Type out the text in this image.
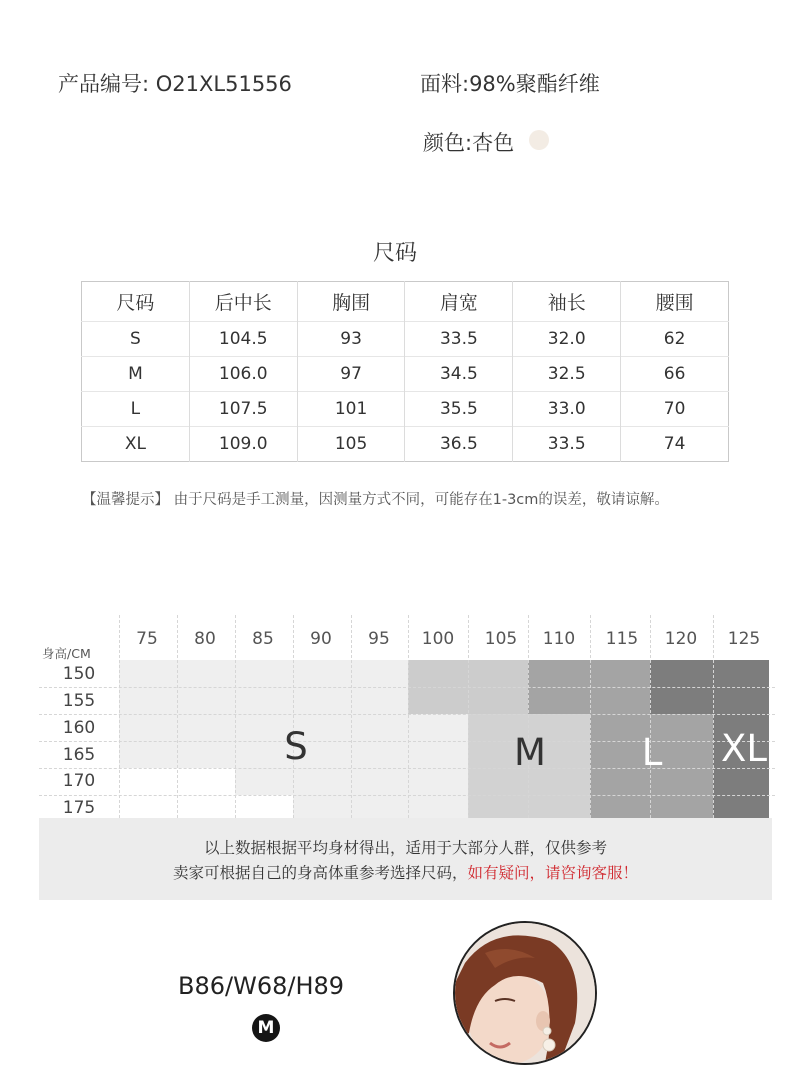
产品编号: O21XL51556	面料:98%聚酯纤维
颜色:杏色
尺码
尺码	后中长	胸围	肩宽	袖长	腰围
S	104.5	93	33.5	32.0	62
M	106.0	97	34.5	32.5	66
L	107.5	101	35.5	33.0	70
XL	109.0	105	36.5	33.5	74
【温馨提示】 由于尺码是手工测量，因测量方式不同，可能存在1-3cm的误差，敬请谅解。
身高/CM
75	80	85	90	95	100	105	110	115	120	125
150
155
160
165
170
175
S	M	L	XL
以上数据根据平均身材得出，适用于大部分人群，仅供参考
卖家可根据自己的身高体重参考选择尺码，如有疑问，请咨询客服！
B86/W68/H89
M
